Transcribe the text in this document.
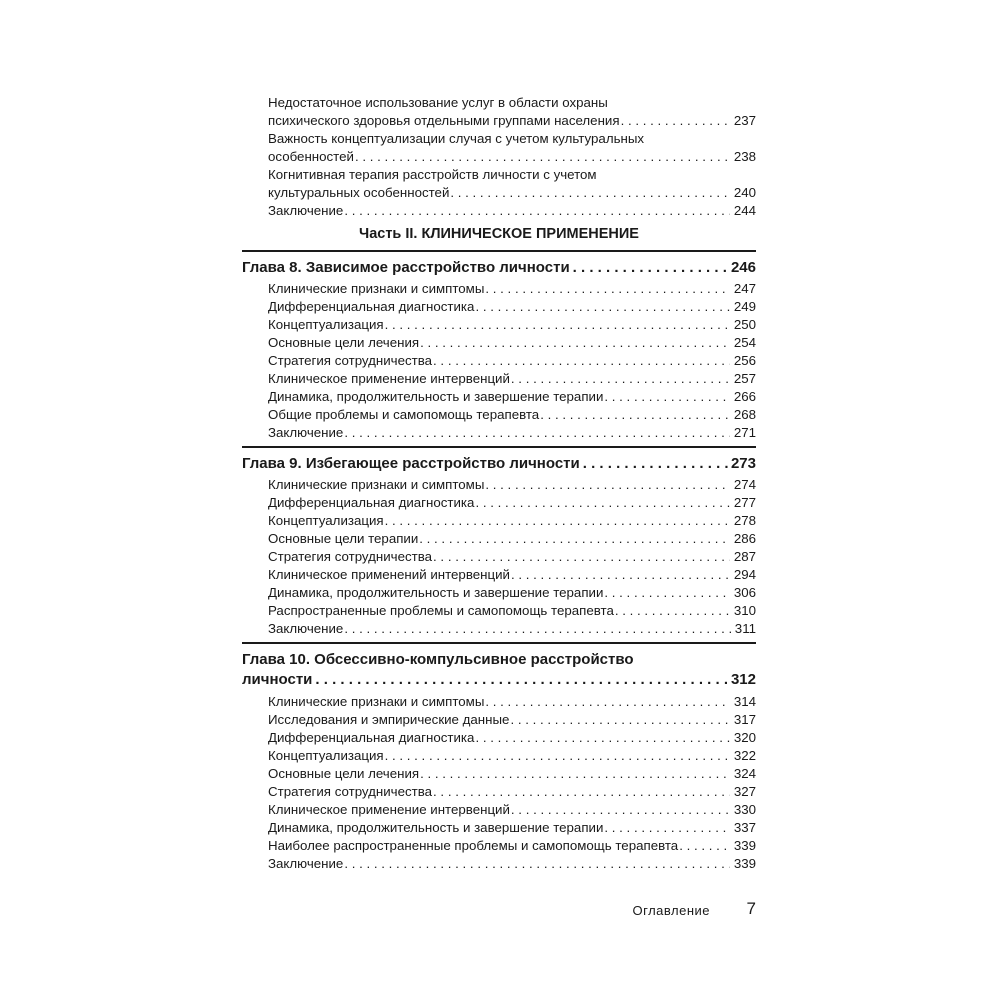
Недостаточное использование услуг в области охраны
психического здоровья отдельными группами населения . . .	237
Важность концептуализации случая с учетом культуральных
особенностей . . .	238
Когнитивная терапия расстройств личности с учетом
культуральных особенностей . . .	240
Заключение . . .	244
Часть II. КЛИНИЧЕСКОЕ ПРИМЕНЕНИЕ
Глава 8. Зависимое расстройство личности . . .	246
Клинические признаки и симптомы . . .	247
Дифференциальная диагностика . . .	249
Концептуализация . . .	250
Основные цели лечения . . .	254
Стратегия сотрудничества . . .	256
Клиническое применение интервенций . . .	257
Динамика, продолжительность и завершение терапии . . .	266
Общие проблемы и самопомощь терапевта . . .	268
Заключение . . .	271
Глава 9. Избегающее расстройство личности . . .	273
Клинические признаки и симптомы . . .	274
Дифференциальная диагностика . . .	277
Концептуализация . . .	278
Основные цели терапии . . .	286
Стратегия сотрудничества . . .	287
Клиническое применений интервенций . . .	294
Динамика, продолжительность и завершение терапии . . .	306
Распространенные проблемы и самопомощь терапевта . . .	310
Заключение . . .	311
Глава 10. Обсессивно-компульсивное расстройство
личности . . .	312
Клинические признаки и симптомы . . .	314
Исследования и эмпирические данные . . .	317
Дифференциальная диагностика . . .	320
Концептуализация . . .	322
Основные цели лечения . . .	324
Стратегия сотрудничества . . .	327
Клиническое применение интервенций . . .	330
Динамика, продолжительность и завершение терапии . . .	337
Наиболее распространенные проблемы и самопомощь терапевта . . .	339
Заключение . . .	339
Оглавление 7
